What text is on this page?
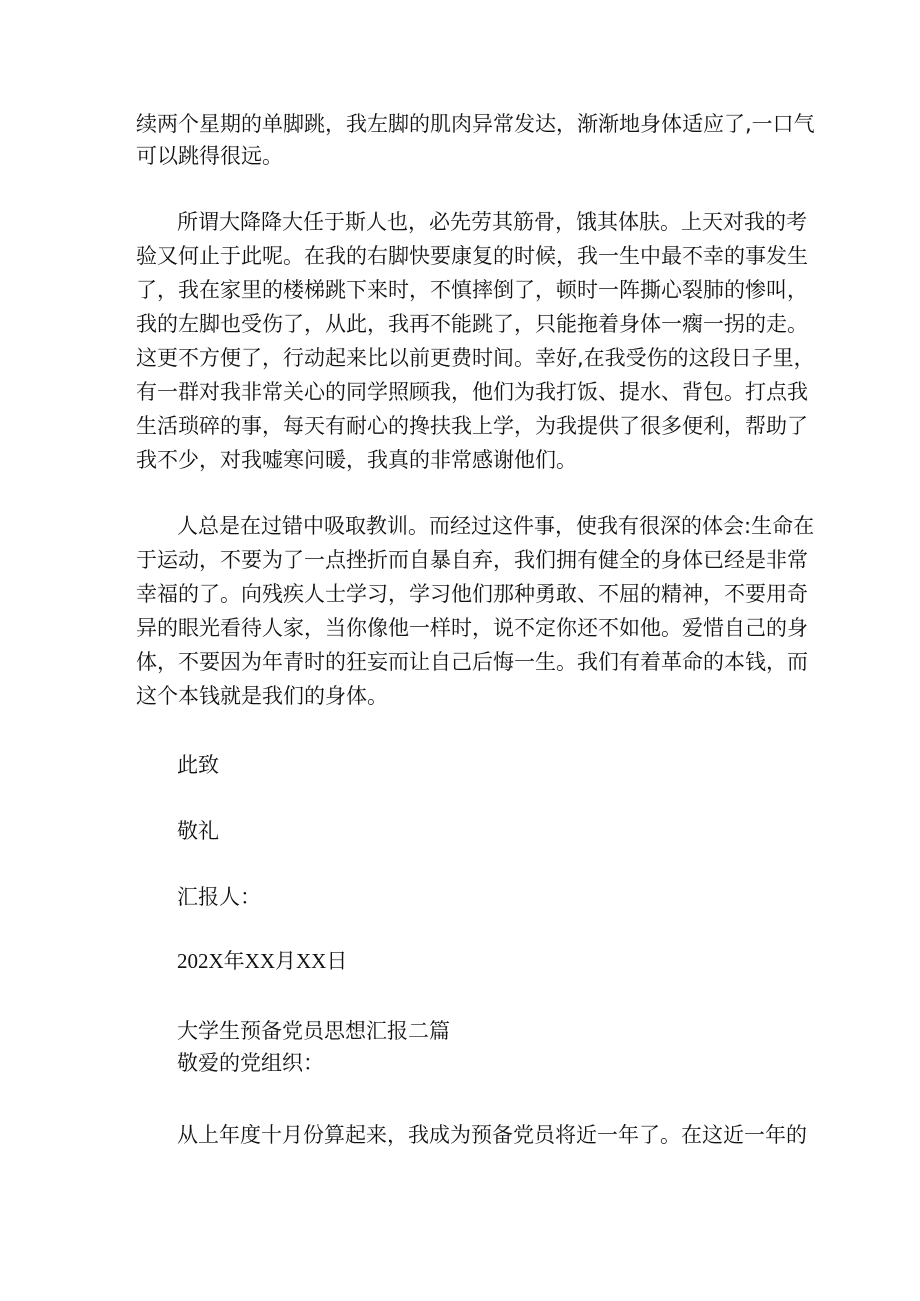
续两个星期的单脚跳，我左脚的肌肉异常发达，渐渐地身体适应了,一口气
可以跳得很远。
所谓大降降大任于斯人也，必先劳其筋骨，饿其体肤。上天对我的考
验又何止于此呢。在我的右脚快要康复的时候，我一生中最不幸的事发生
了，我在家里的楼梯跳下来时，不慎摔倒了，顿时一阵撕心裂肺的惨叫，
我的左脚也受伤了，从此，我再不能跳了，只能拖着身体一瘸一拐的走。
这更不方便了，行动起来比以前更费时间。幸好,在我受伤的这段日子里，
有一群对我非常关心的同学照顾我，他们为我打饭、提水、背包。打点我
生活琐碎的事，每天有耐心的搀扶我上学，为我提供了很多便利，帮助了
我不少，对我嘘寒问暖，我真的非常感谢他们。
人总是在过错中吸取教训。而经过这件事，使我有很深的体会:生命在
于运动，不要为了一点挫折而自暴自弃，我们拥有健全的身体已经是非常
幸福的了。向残疾人士学习，学习他们那种勇敢、不屈的精神，不要用奇
异的眼光看待人家，当你像他一样时，说不定你还不如他。爱惜自己的身
体，不要因为年青时的狂妄而让自己后悔一生。我们有着革命的本钱，而
这个本钱就是我们的身体。
此致
敬礼
汇报人：
202X年XX月XX日
大学生预备党员思想汇报二篇
敬爱的党组织：
从上年度十月份算起来，我成为预备党员将近一年了。在这近一年的
